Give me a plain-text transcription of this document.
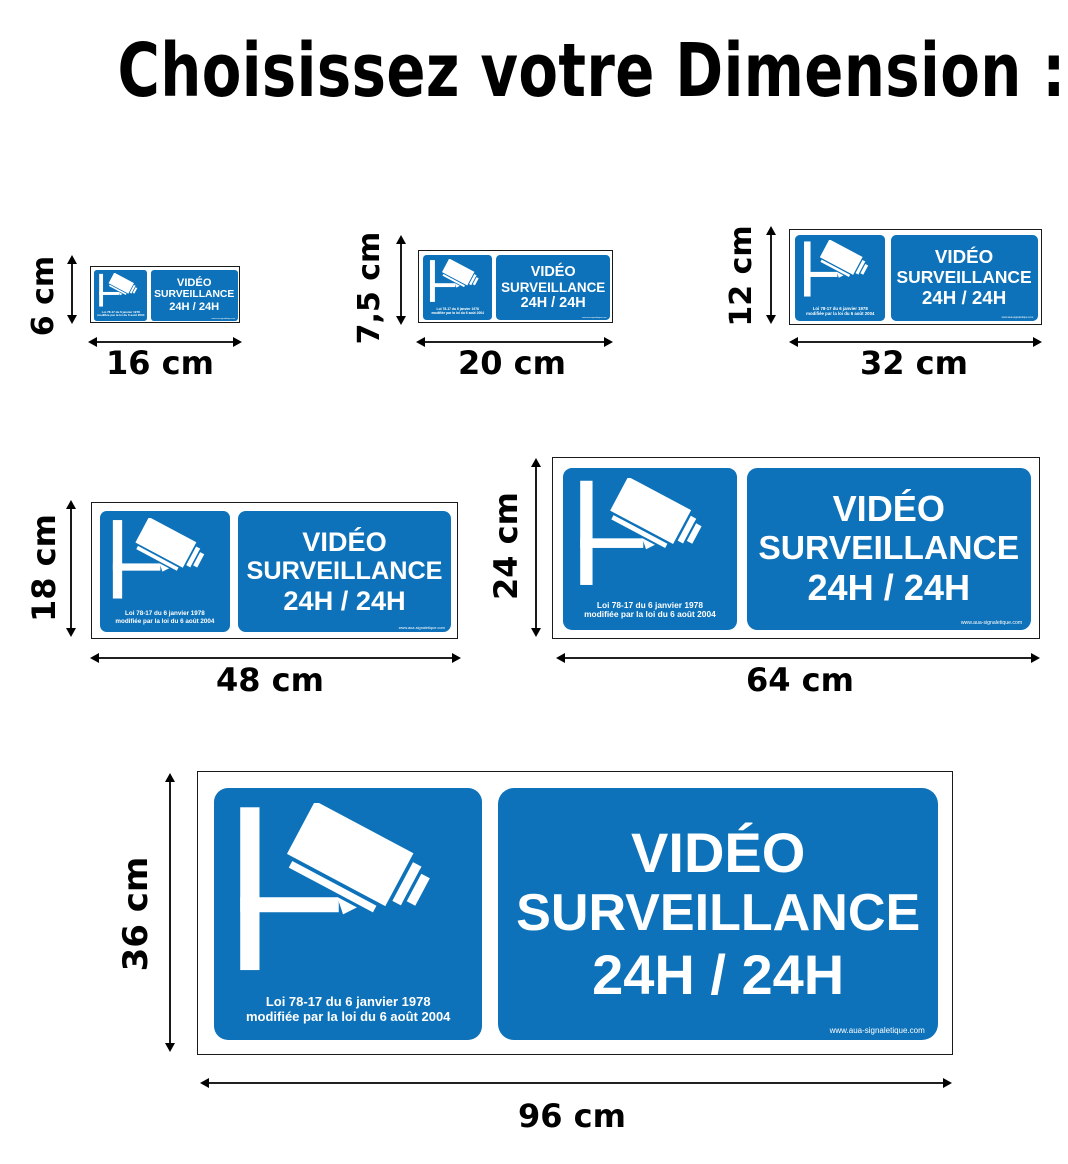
Choisissez votre Dimension :
Loi 78-17 du 6 janvier 1978
modifiée par la loi du 6 août 2004
VIDÉO
SURVEILLANCE
24H / 24H
www.aua-signaletique.com
16 cm
6 cm	Loi 78-17 du 6 janvier 1978
modifiée par la loi du 6 août 2004
VIDÉO
SURVEILLANCE
24H / 24H
www.aua-signaletique.com
20 cm
7,5 cm	Loi 78-17 du 6 janvier 1978
modifiée par la loi du 6 août 2004
VIDÉO
SURVEILLANCE
24H / 24H
www.aua-signaletique.com
32 cm
12 cm
Loi 78-17 du 6 janvier 1978
modifiée par la loi du 6 août 2004
VIDÉO
SURVEILLANCE
24H / 24H
www.aua-signaletique.com
48 cm
18 cm	Loi 78-17 du 6 janvier 1978
modifiée par la loi du 6 août 2004
VIDÉO
SURVEILLANCE
24H / 24H
www.aua-signaletique.com
64 cm
24 cm
Loi 78-17 du 6 janvier 1978
modifiée par la loi du 6 août 2004
VIDÉO
SURVEILLANCE
24H / 24H
www.aua-signaletique.com
96 cm
36 cm
